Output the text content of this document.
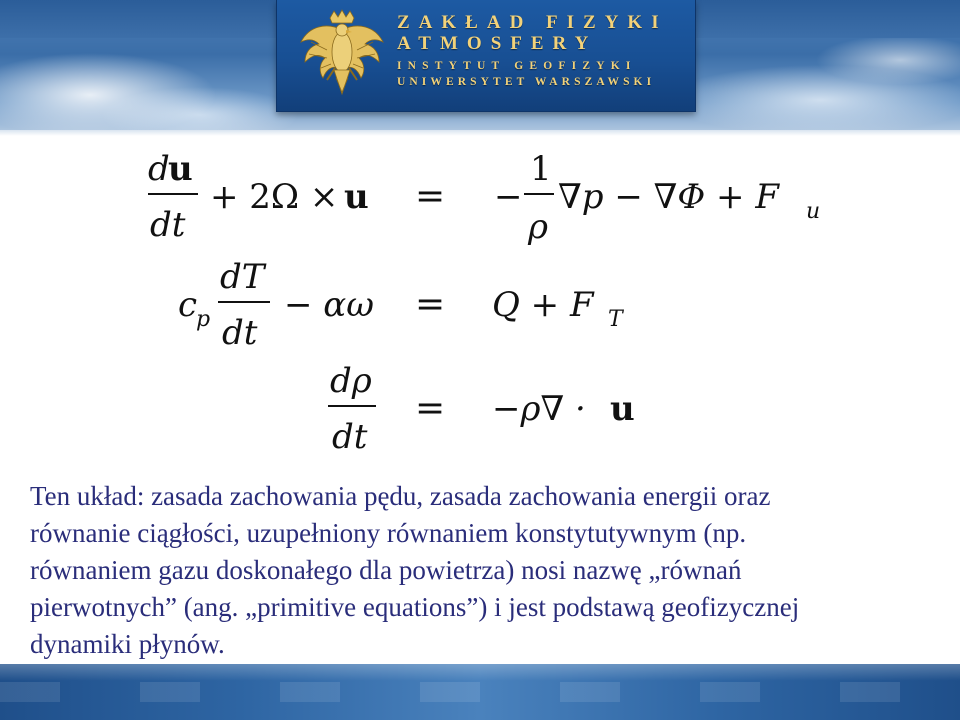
ZAKŁAD FIZYKI
ATMOSFERY
INSTYTUT GEOFIZYKI
UNIWERSYTET WARSZAWSKI
d
u
dt
+ 2Ω × u = −
1
ρ
∇p − ∇Φ + F u
c
p
dT
dt
− αω = Q + F T
dρ
dt
= −ρ∇ · u

Ten układ: zasada zachowania pędu, zasada zachowania energii oraz
równanie ciągłości, uzupełniony równaniem konstytutywnym (np.
równaniem gazu doskonałego dla powietrza) nosi nazwę „równań
pierwotnych” (ang. „primitive equations”) i jest podstawą geofizycznej
dynamiki płynów.
